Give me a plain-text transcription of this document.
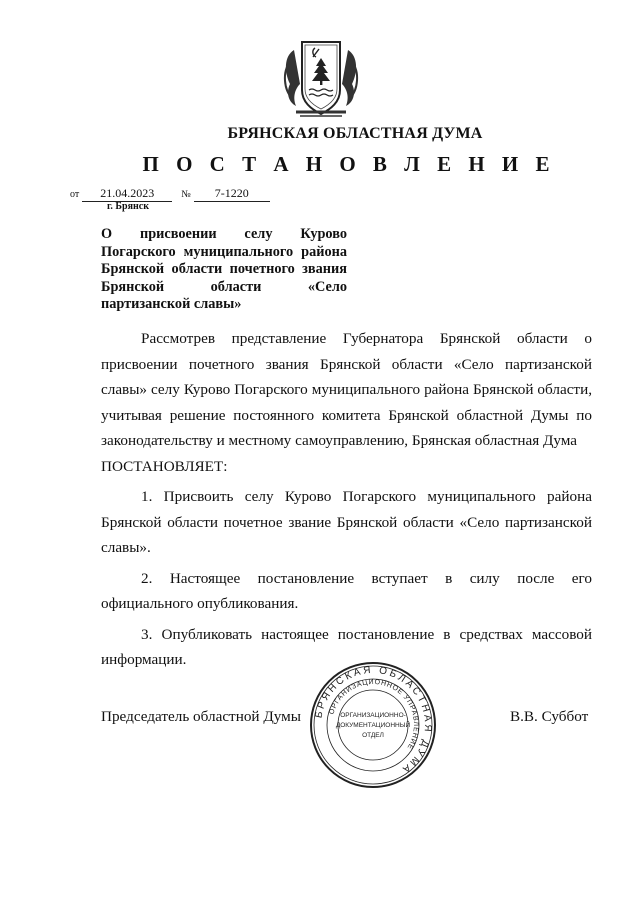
БРЯНСКАЯ ОБЛАСТНАЯ ДУМА
П О С Т А Н О В Л Е Н И Е
от 21.04.2023	№ 7-1220
г. Брянск
О присвоении селу Курово Погарского муниципального района Брянской области почетного звания Брянской области «Село партизанской славы»

Рассмотрев представление Губернатора Брянской области о присвоении почетного звания Брянской области «Село партизанской славы» селу Курово Погарского муниципального района Брянской области, учитывая решение постоянного комитета Брянской областной Думы по законодательству и местному самоуправлению, Брянская областная Дума

ПОСТАНОВЛЯЕТ:

1. Присвоить селу Курово Погарского муниципального района Брянской области почетное звание Брянской области «Село партизанской славы».

2. Настоящее постановление вступает в силу после его официального опубликования.

3. Опубликовать настоящее постановление в средствах массовой информации.

Председатель областной Думы	В.В. Суббот
БРЯНСКАЯ ОБЛАСТНАЯ ДУМА
ОРГАНИЗАЦИОННОЕ УПРАВЛЕНИЕ
ОРГАНИЗАЦИОННО-
ДОКУМЕНТАЦИОННЫЙ
ОТДЕЛ
